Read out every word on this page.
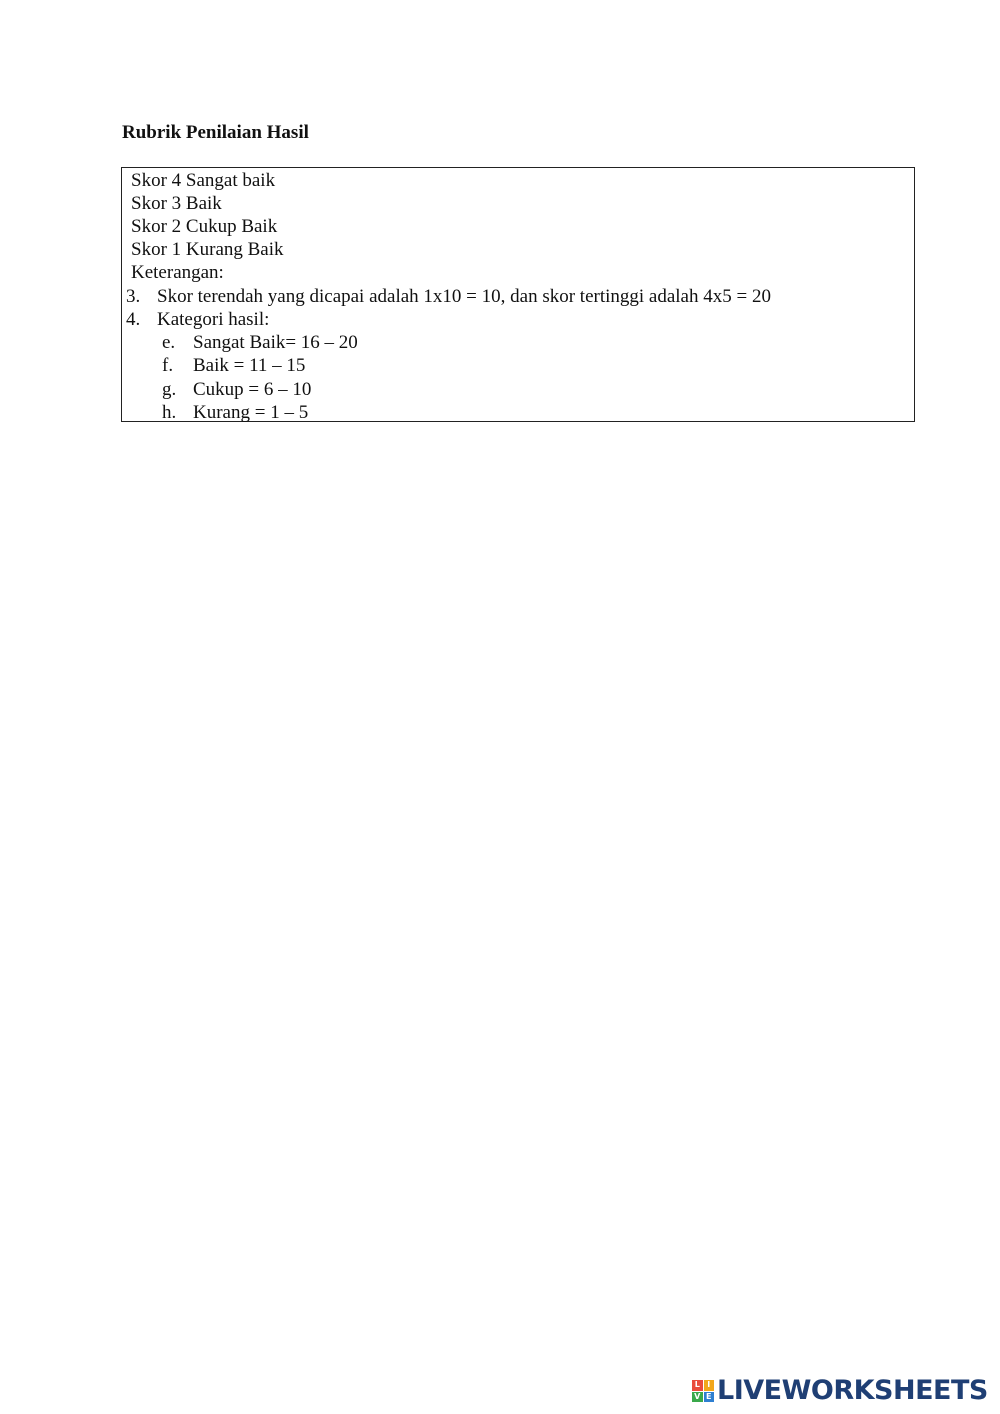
Rubrik Penilaian Hasil
Skor 4 Sangat baik
Skor 3 Baik
Skor 2 Cukup Baik
Skor 1 Kurang Baik
Keterangan:
3. Skor terendah yang dicapai adalah 1x10 = 10, dan skor tertinggi adalah 4x5 = 20
4. Kategori hasil:
e. Sangat Baik= 16 – 20
f. Baik = 11 – 15
g. Cukup = 6 – 10
h. Kurang = 1 – 5
L I
V E LIVEWORKSHEETS
